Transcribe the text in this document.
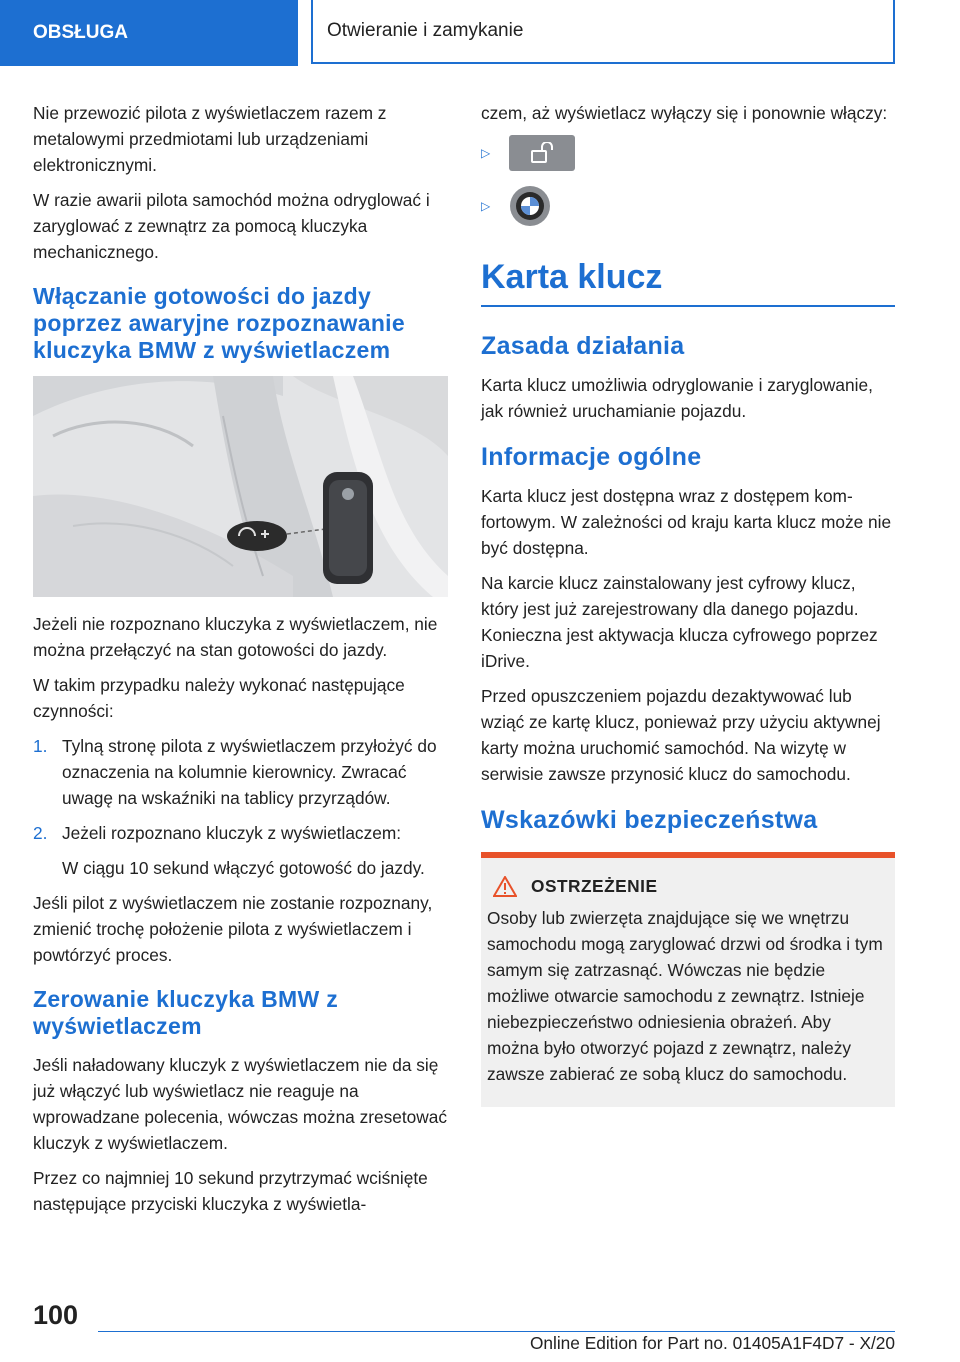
OBSŁUGA	Otwieranie i zamykanie

Nie przewozić pilota z wyświetlaczem razem z metalowymi przedmiotami lub urządzeniami elektronicznymi.

W razie awarii pilota samochód można odryglować i zaryglować z zewnątrz za pomocą kluczyka mechanicznego.

Włączanie gotowości do jazdy poprzez awaryjne rozpoznawanie kluczyka BMW z wyświetlaczem

Jeżeli nie rozpoznano kluczyka z wyświetlaczem, nie można przełączyć na stan gotowości do jazdy.

W takim przypadku należy wykonać następujące czynności:

1. Tylną stronę pilota z wyświetlaczem przyłożyć do oznaczenia na kolumnie kierownicy. Zwracać uwagę na wskaźniki na tablicy przyrządów.
2. Jeżeli rozpoznano kluczyk z wyświetlaczem:

W ciągu 10 sekund włączyć gotowość do jazdy.

Jeśli pilot z wyświetlaczem nie zostanie rozpoznany, zmienić trochę położenie pilota z wyświetlaczem i powtórzyć proces.

Zerowanie kluczyka BMW z wyświetlaczem

Jeśli naładowany kluczyk z wyświetlaczem nie da się już włączyć lub wyświetlacz nie reaguje na wprowadzane polecenia, wówczas można zresetować kluczyk z wyświetlaczem.

Przez co najmniej 10 sekund przytrzymać wciśnięte następujące przyciski kluczyka z wyświetla-

czem, aż wyświetlacz wyłączy się i ponownie włączy:

▷
▷
Karta klucz
Zasada działania

Karta klucz umożliwia odryglowanie i zaryglowanie, jak również uruchamianie pojazdu.

Informacje ogólne

Karta klucz jest dostępna wraz z dostępem komfortowym. W zależności od kraju karta klucz może nie być dostępna.

Na karcie klucz zainstalowany jest cyfrowy klucz, który jest już zarejestrowany dla danego pojazdu. Konieczna jest aktywacja klucza cyfrowego poprzez iDrive.

Przed opuszczeniem pojazdu dezaktywować lub wziąć ze kartę klucz, ponieważ przy użyciu aktywnej karty można uruchomić samochód. Na wizytę w serwisie zawsze przynosić klucz do samochodu.

Wskazówki bezpieczeństwa
OSTRZEŻENIE

Osoby lub zwierzęta znajdujące się we wnętrzu samochodu mogą zaryglować drzwi od środka i tym samym się zatrzasnąć. Wówczas nie będzie możliwe otwarcie samochodu z zewnątrz. Istnieje niebezpieczeństwo odniesienia obrażeń. Aby można było otworzyć pojazd z zewnątrz, należy zawsze zabierać ze sobą klucz do samochodu.

100
Online Edition for Part no. 01405A1F4D7 - X/20
